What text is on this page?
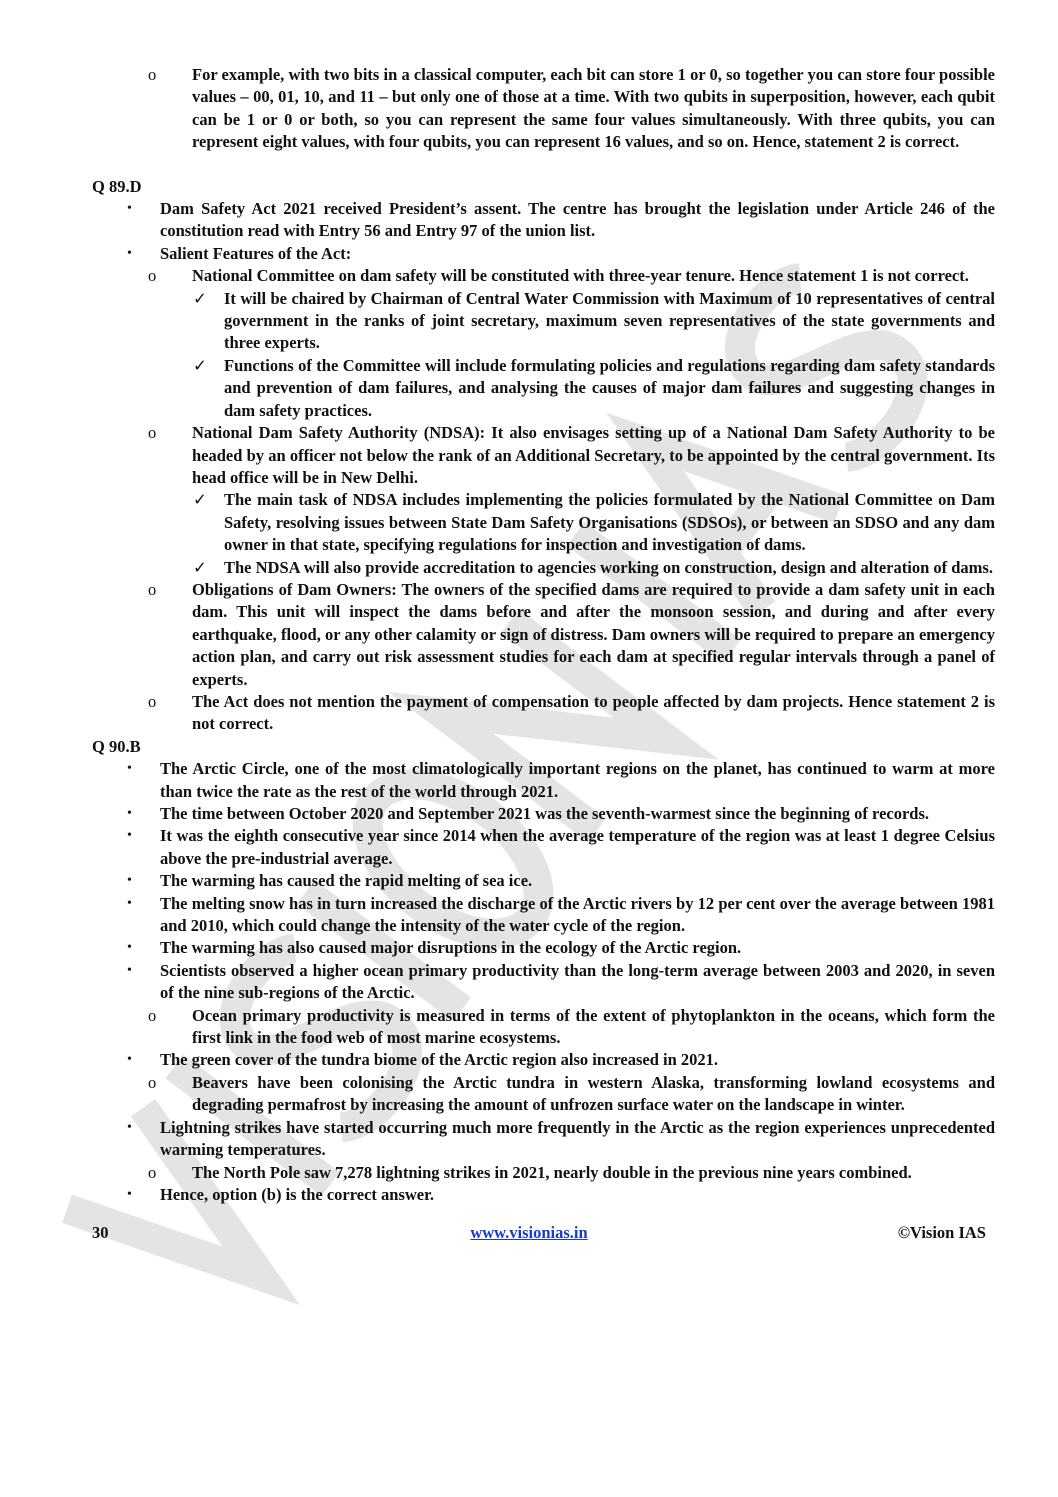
o For example, with two bits in a classical computer, each bit can store 1 or 0, so together you can store four possible values – 00, 01, 10, and 11 – but only one of those at a time. With two qubits in superposition, however, each qubit can be 1 or 0 or both, so you can represent the same four values simultaneously. With three qubits, you can represent eight values, with four qubits, you can represent 16 values, and so on. Hence, statement 2 is correct.
Q 89.D
• Dam Safety Act 2021 received President’s assent. The centre has brought the legislation under Article 246 of the constitution read with Entry 56 and Entry 97 of the union list.
• Salient Features of the Act:
o National Committee on dam safety will be constituted with three-year tenure. Hence statement 1 is not correct.
✓ It will be chaired by Chairman of Central Water Commission with Maximum of 10 representatives of central government in the ranks of joint secretary, maximum seven representatives of the state governments and three experts.
✓ Functions of the Committee will include formulating policies and regulations regarding dam safety standards and prevention of dam failures, and analysing the causes of major dam failures and suggesting changes in dam safety practices.
o National Dam Safety Authority (NDSA): It also envisages setting up of a National Dam Safety Authority to be headed by an officer not below the rank of an Additional Secretary, to be appointed by the central government. Its head office will be in New Delhi.
✓ The main task of NDSA includes implementing the policies formulated by the National Committee on Dam Safety, resolving issues between State Dam Safety Organisations (SDSOs), or between an SDSO and any dam owner in that state, specifying regulations for inspection and investigation of dams.
✓ The NDSA will also provide accreditation to agencies working on construction, design and alteration of dams.
o Obligations of Dam Owners: The owners of the specified dams are required to provide a dam safety unit in each dam. This unit will inspect the dams before and after the monsoon session, and during and after every earthquake, flood, or any other calamity or sign of distress. Dam owners will be required to prepare an emergency action plan, and carry out risk assessment studies for each dam at specified regular intervals through a panel of experts.
o The Act does not mention the payment of compensation to people affected by dam projects. Hence statement 2 is not correct.
Q 90.B
• The Arctic Circle, one of the most climatologically important regions on the planet, has continued to warm at more than twice the rate as the rest of the world through 2021.
• The time between October 2020 and September 2021 was the seventh-warmest since the beginning of records.
• It was the eighth consecutive year since 2014 when the average temperature of the region was at least 1 degree Celsius above the pre-industrial average.
• The warming has caused the rapid melting of sea ice.
• The melting snow has in turn increased the discharge of the Arctic rivers by 12 per cent over the average between 1981 and 2010, which could change the intensity of the water cycle of the region.
• The warming has also caused major disruptions in the ecology of the Arctic region.
• Scientists observed a higher ocean primary productivity than the long-term average between 2003 and 2020, in seven of the nine sub-regions of the Arctic.
o Ocean primary productivity is measured in terms of the extent of phytoplankton in the oceans, which form the first link in the food web of most marine ecosystems.
• The green cover of the tundra biome of the Arctic region also increased in 2021.
o Beavers have been colonising the Arctic tundra in western Alaska, transforming lowland ecosystems and degrading permafrost by increasing the amount of unfrozen surface water on the landscape in winter.
• Lightning strikes have started occurring much more frequently in the Arctic as the region experiences unprecedented warming temperatures.
o The North Pole saw 7,278 lightning strikes in 2021, nearly double in the previous nine years combined.
• Hence, option (b) is the correct answer.
30	www.visionias.in	©Vision IAS
